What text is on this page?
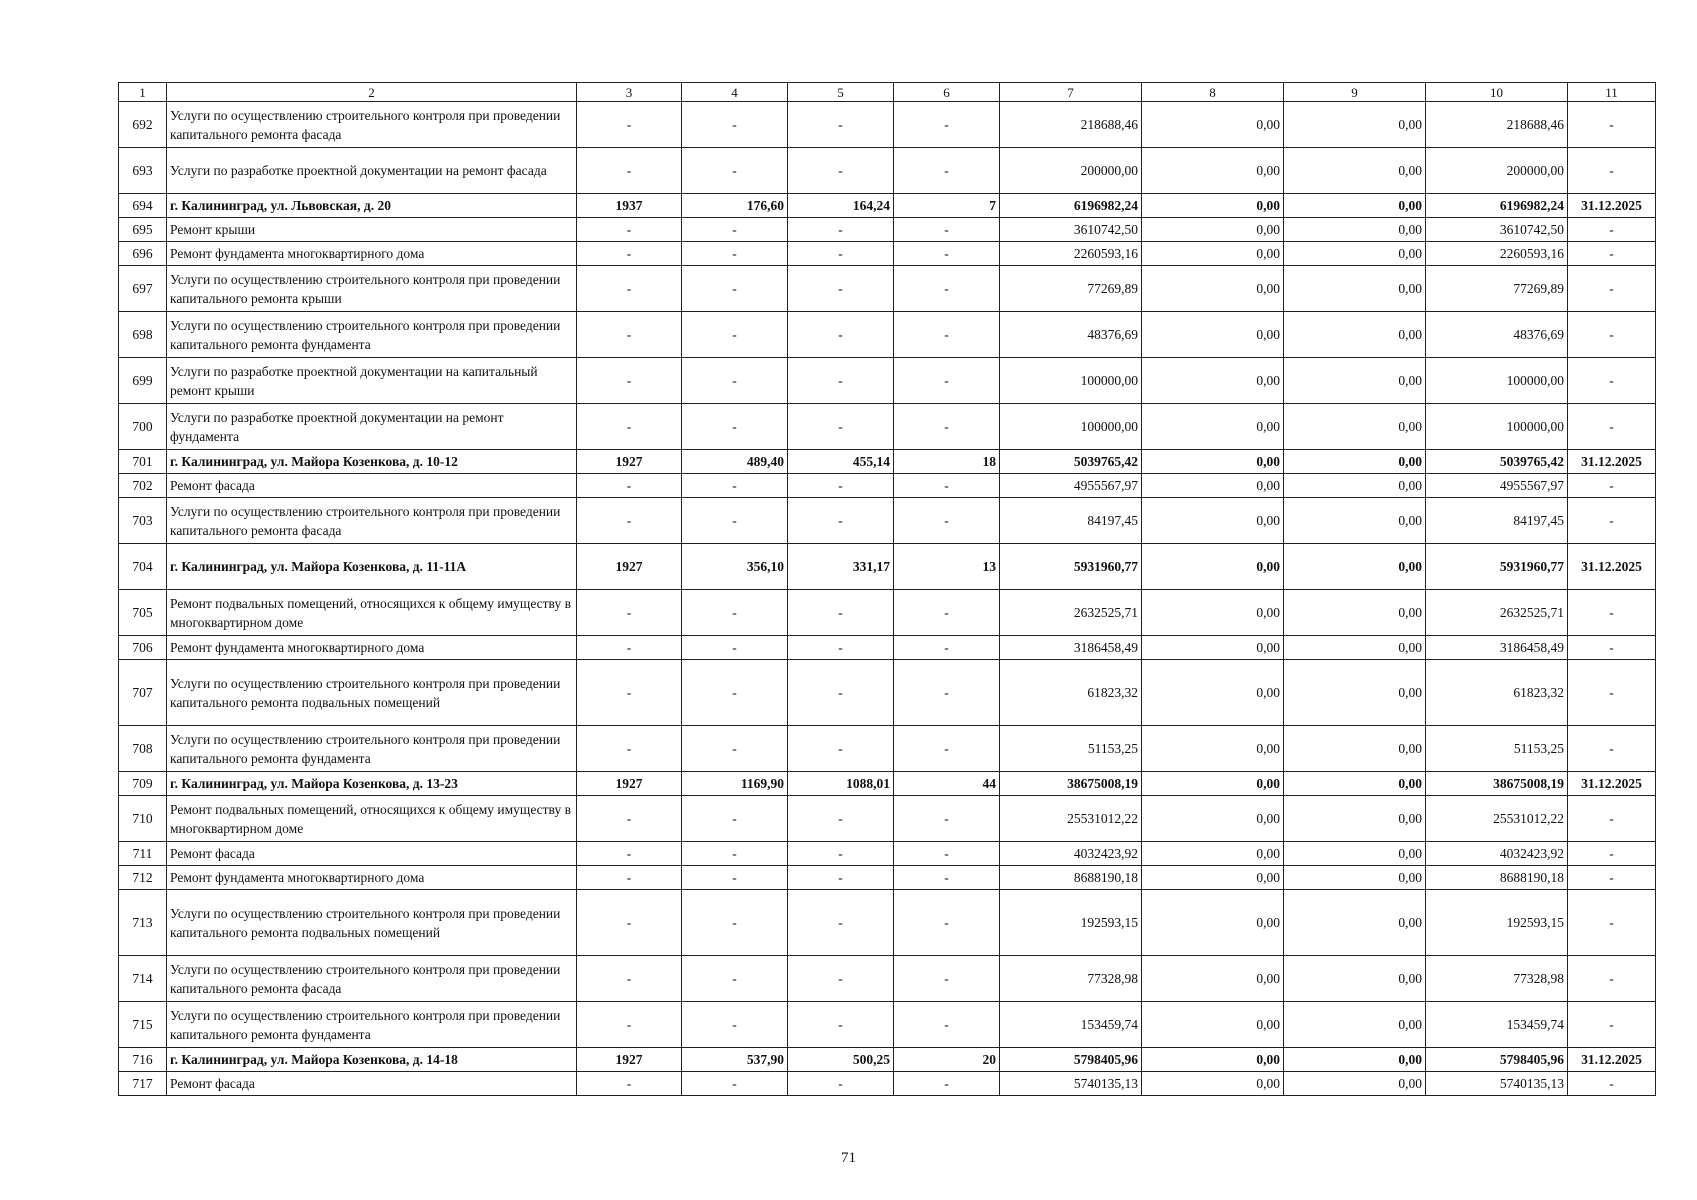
1	2	3	4	5	6	7	8	9	10	11
692	Услуги по осуществлению строительного контроля при проведении капитального ремонта фасада	-	-	-	-	218688,46	0,00	0,00	218688,46	-
693	Услуги по разработке проектной документации на ремонт фасада	-	-	-	-	200000,00	0,00	0,00	200000,00	-
694	г. Калининград, ул. Львовская, д. 20	1937	176,60	164,24	7	6196982,24	0,00	0,00	6196982,24	31.12.2025
695	Ремонт крыши	-	-	-	-	3610742,50	0,00	0,00	3610742,50	-
696	Ремонт фундамента многоквартирного дома	-	-	-	-	2260593,16	0,00	0,00	2260593,16	-
697	Услуги по осуществлению строительного контроля при проведении капитального ремонта крыши	-	-	-	-	77269,89	0,00	0,00	77269,89	-
698	Услуги по осуществлению строительного контроля при проведении капитального ремонта фундамента	-	-	-	-	48376,69	0,00	0,00	48376,69	-
699	Услуги по разработке проектной документации на капитальный ремонт крыши	-	-	-	-	100000,00	0,00	0,00	100000,00	-
700	Услуги по разработке проектной документации на ремонт фундамента	-	-	-	-	100000,00	0,00	0,00	100000,00	-
701	г. Калининград, ул. Майора Козенкова, д. 10-12	1927	489,40	455,14	18	5039765,42	0,00	0,00	5039765,42	31.12.2025
702	Ремонт фасада	-	-	-	-	4955567,97	0,00	0,00	4955567,97	-
703	Услуги по осуществлению строительного контроля при проведении капитального ремонта фасада	-	-	-	-	84197,45	0,00	0,00	84197,45	-
704	г. Калининград, ул. Майора Козенкова, д. 11-11А	1927	356,10	331,17	13	5931960,77	0,00	0,00	5931960,77	31.12.2025
705	Ремонт подвальных помещений, относящихся к общему имуществу в многоквартирном доме	-	-	-	-	2632525,71	0,00	0,00	2632525,71	-
706	Ремонт фундамента многоквартирного дома	-	-	-	-	3186458,49	0,00	0,00	3186458,49	-
707	Услуги по осуществлению строительного контроля при проведении капитального ремонта подвальных помещений	-	-	-	-	61823,32	0,00	0,00	61823,32	-
708	Услуги по осуществлению строительного контроля при проведении капитального ремонта фундамента	-	-	-	-	51153,25	0,00	0,00	51153,25	-
709	г. Калининград, ул. Майора Козенкова, д. 13-23	1927	1169,90	1088,01	44	38675008,19	0,00	0,00	38675008,19	31.12.2025
710	Ремонт подвальных помещений, относящихся к общему имуществу в многоквартирном доме	-	-	-	-	25531012,22	0,00	0,00	25531012,22	-
711	Ремонт фасада	-	-	-	-	4032423,92	0,00	0,00	4032423,92	-
712	Ремонт фундамента многоквартирного дома	-	-	-	-	8688190,18	0,00	0,00	8688190,18	-
713	Услуги по осуществлению строительного контроля при проведении капитального ремонта подвальных помещений	-	-	-	-	192593,15	0,00	0,00	192593,15	-
714	Услуги по осуществлению строительного контроля при проведении капитального ремонта фасада	-	-	-	-	77328,98	0,00	0,00	77328,98	-
715	Услуги по осуществлению строительного контроля при проведении капитального ремонта фундамента	-	-	-	-	153459,74	0,00	0,00	153459,74	-
716	г. Калининград, ул. Майора Козенкова, д. 14-18	1927	537,90	500,25	20	5798405,96	0,00	0,00	5798405,96	31.12.2025
717	Ремонт фасада	-	-	-	-	5740135,13	0,00	0,00	5740135,13	-
71
